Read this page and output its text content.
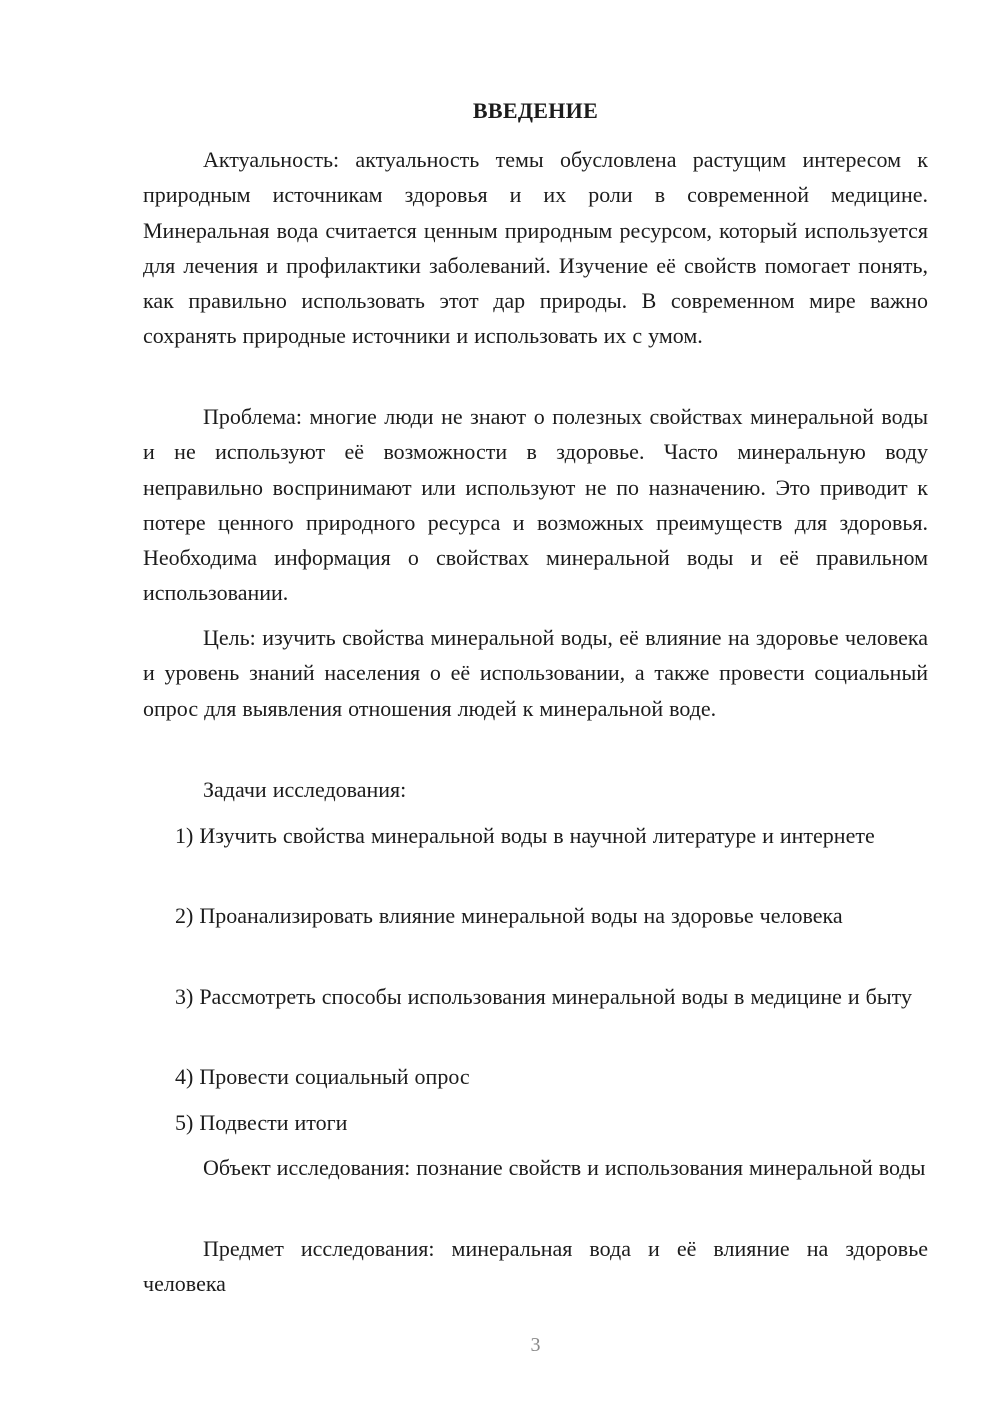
ВВЕДЕНИЕ

Актуальность: актуальность темы обусловлена растущим интересом к природным источникам здоровья и их роли в современной медицине. Минеральная вода считается ценным природным ресурсом, который используется для лечения и профилактики заболеваний. Изучение её свойств помогает понять, как правильно использовать этот дар природы. В современном мире важно сохранять природные источники и использовать их с умом.

Проблема: многие люди не знают о полезных свойствах минеральной воды и не используют её возможности в здоровье. Часто минеральную воду неправильно воспринимают или используют не по назначению. Это приводит к потере ценного природного ресурса и возможных преимуществ для здоровья. Необходима информация о свойствах минеральной воды и её правильном использовании.

Цель: изучить свойства минеральной воды, её влияние на здоровье человека и уровень знаний населения о её использовании, а также провести социальный опрос для выявления отношения людей к минеральной воде.

Задачи исследования:

1) Изучить свойства минеральной воды в научной литературе и интернете

2) Проанализировать влияние минеральной воды на здоровье человека

3) Рассмотреть способы использования минеральной воды в медицине и быту

4) Провести социальный опрос

5) Подвести итоги

Объект исследования: познание свойств и использования минеральной воды

Предмет исследования: минеральная вода и её влияние на здоровье человека

3
